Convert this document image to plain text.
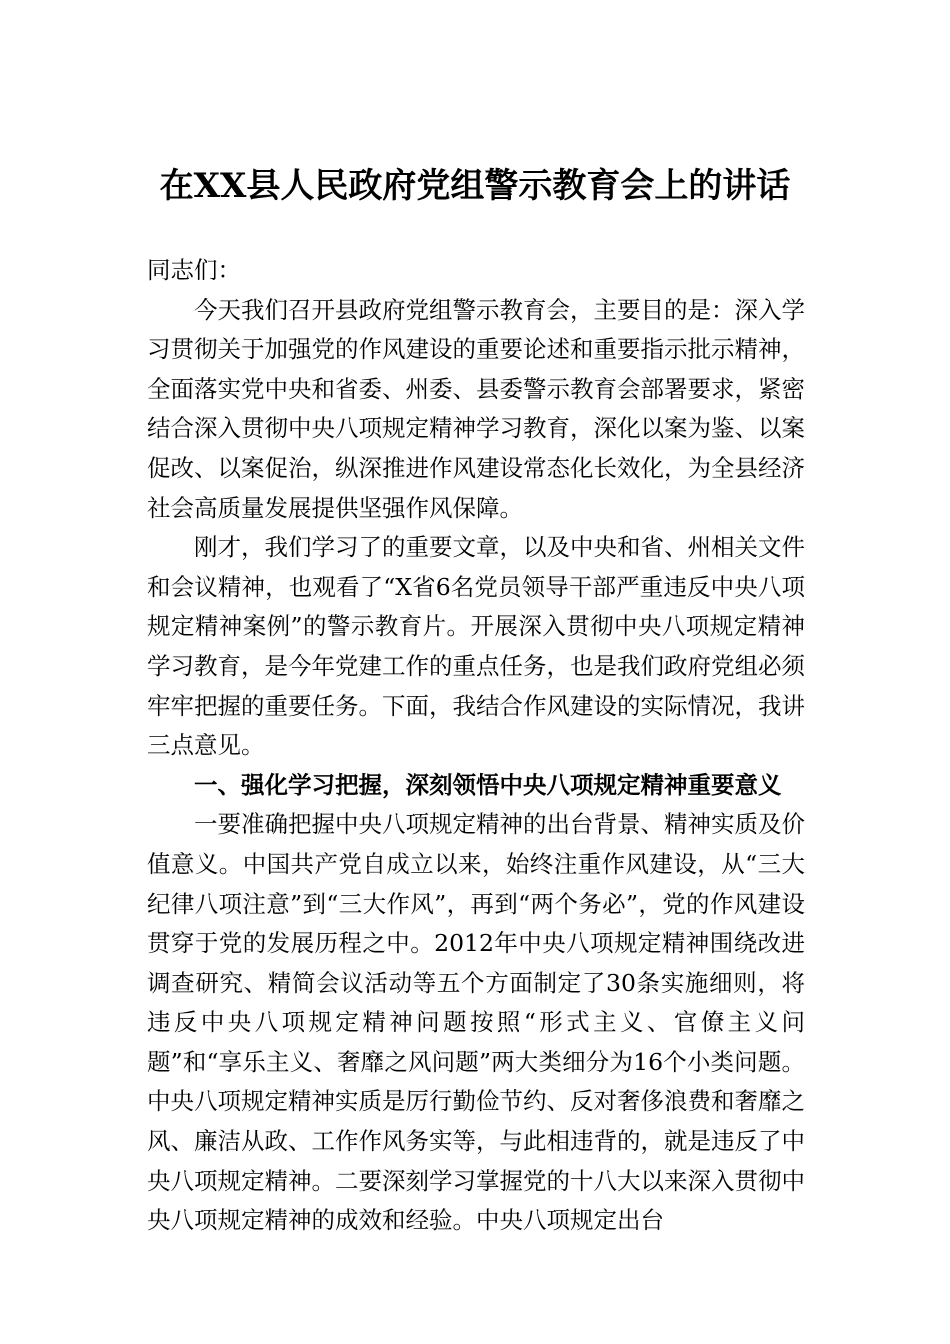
在XX县人民政府党组警示教育会上的讲话

同志们：

今天我们召开县政府党组警示教育会，主要目的是：深入学习贯彻关于加强党的作风建设的重要论述和重要指示批示精神，全面落实党中央和省委、州委、县委警示教育会部署要求，紧密结合深入贯彻中央八项规定精神学习教育，深化以案为鉴、以案促改、以案促治，纵深推进作风建设常态化长效化，为全县经济社会高质量发展提供坚强作风保障。

刚才，我们学习了的重要文章，以及中央和省、州相关文件和会议精神，也观看了“X省6名党员领导干部严重违反中央八项规定精神案例”的警示教育片。开展深入贯彻中央八项规定精神学习教育，是今年党建工作的重点任务，也是我们政府党组必须牢牢把握的重要任务。下面，我结合作风建设的实际情况，我讲三点意见。

一、强化学习把握，深刻领悟中央八项规定精神重要意义

一要准确把握中央八项规定精神的出台背景、精神实质及价值意义。中国共产党自成立以来，始终注重作风建设，从“三大纪律八项注意”到“三大作风”，再到“两个务必”，党的作风建设贯穿于党的发展历程之中。2012年中央八项规定精神围绕改进调查研究、精简会议活动等五个方面制定了30条实施细则，将违反中央八项规定精神问题按照“形式主义、官僚主义问题”和“享乐主义、奢靡之风问题”两大类细分为16个小类问题。中央八项规定精神实质是厉行勤俭节约、反对奢侈浪费和奢靡之风、廉洁从政、工作作风务实等，与此相违背的，就是违反了中央八项规定精神。二要深刻学习掌握党的十八大以来深入贯彻中央八项规定精神的成效和经验。中央八项规定出台
